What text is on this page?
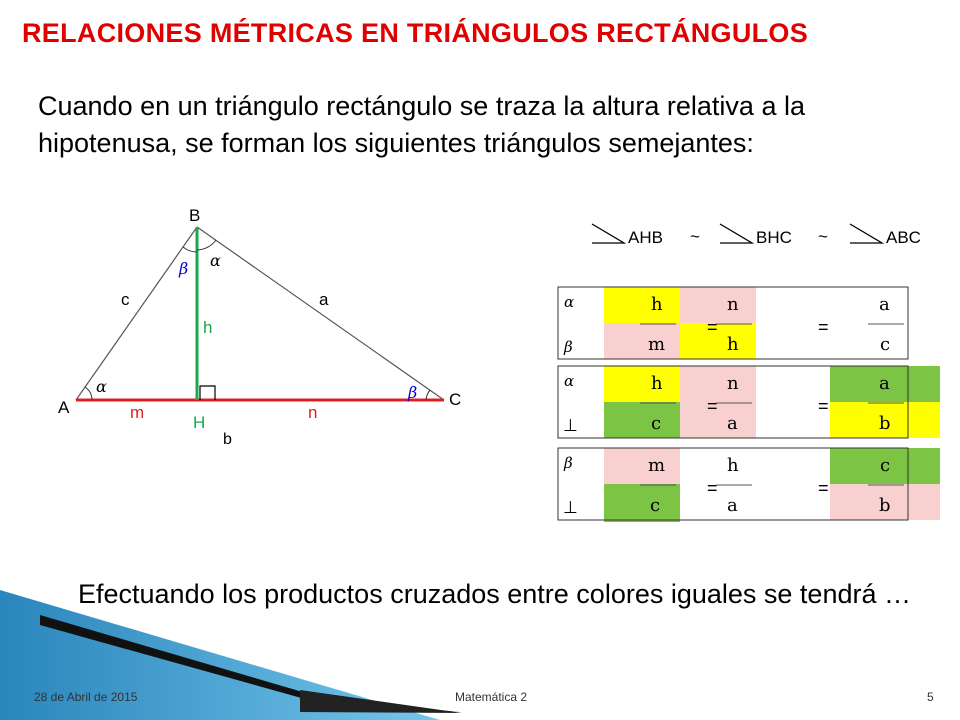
RELACIONES MÉTRICAS EN TRIÁNGULOS RECTÁNGULOS
Cuando en un triángulo rectángulo se traza la altura relativa a la hipotenusa, se forman los siguientes triángulos semejantes:
B
A	C
H
c	a
b
h
m	n
α
α
β
β
AHB ~	BHC ~	ABC
α
β
h	n	a
=	=
m	h	c
α
⊥
h	n	a
=	=
c	a	b
β
⊥
m	h	c
=	=
c	a	b
Efectuando los productos cruzados entre colores iguales se tendrá …
28 de Abril de 2015	Matemática 2	5
